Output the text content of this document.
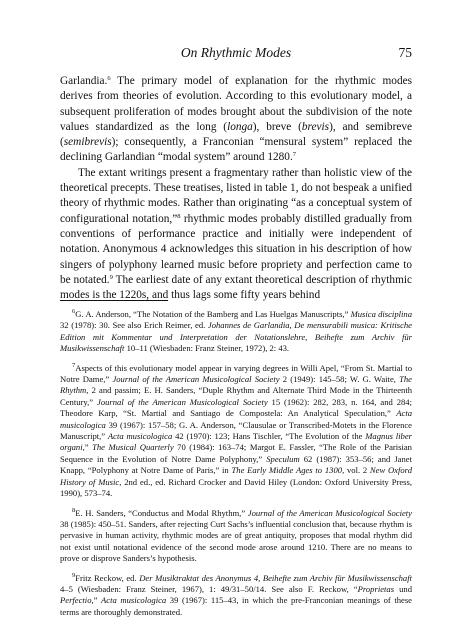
On Rhythmic Modes	75

Garlandia.$^6$ The primary model of explanation for the rhythmic modes derives from theories of evolution. According to this evolutionary model, a subsequent proliferation of modes brought about the subdivision of the note values standardized as the long (longa), breve (brevis), and semibreve (semibrevis); consequently, a Franconian “mensural system” replaced the declining Garlandian “modal system” around 1280.$^7$

The extant writings present a fragmentary rather than holistic view of the theoretical precepts. These treatises, listed in table 1, do not bespeak a unified theory of rhythmic modes. Rather than originating “as a conceptual system of configurational notation,”$^8$ rhythmic modes probably distilled gradually from conventions of performance practice and initially were independent of notation. Anonymous 4 acknowledges this situation in his description of how singers of polyphony learned music before propriety and perfection came to be notated.$^9$ The earliest date of any extant theoretical description of rhythmic modes is the 1220s, and thus lags some fifty years behind

$^6$G. A. Anderson, “The Notation of the Bamberg and Las Huelgas Manuscripts,” Musica disciplina 32 (1978): 30. See also Erich Reimer, ed. Johannes de Garlandia, De mensurabili musica: Kritische Edition mit Kommentar und Interpretation der Notationslehre, Beihefte zum Archiv für Musikwissenschaft 10–11 (Wiesbaden: Franz Steiner, 1972), 2: 43.

$^7$Aspects of this evolutionary model appear in varying degrees in Willi Apel, “From St. Martial to Notre Dame,” Journal of the American Musicological Society 2 (1949): 145–58; W. G. Waite, The Rhythm, 2 and passim; E. H. Sanders, “Duple Rhythm and Alternate Third Mode in the Thirteenth Century,” Journal of the American Musicological Society 15 (1962): 282, 283, n. 164, and 284; Theodore Karp, “St. Martial and Santiago de Compostela: An Analytical Speculation,” Acta musicologica 39 (1967): 157–58; G. A. Anderson, “Clausulae or Transcribed-Motets in the Florence Manuscript,” Acta musicologica 42 (1970): 123; Hans Tischler, “The Evolution of the Magnus liber organi,” The Musical Quarterly 70 (1984): 163–74; Margot E. Fassler, “The Role of the Parisian Sequence in the Evolution of Notre Dame Polyphony,” Speculum 62 (1987): 353–56; and Janet Knapp, “Polyphony at Notre Dame of Paris,” in The Early Middle Ages to 1300, vol. 2 New Oxford History of Music, 2nd ed., ed. Richard Crocker and David Hiley (London: Oxford University Press, 1990), 573–74.

$^8$E. H. Sanders, “Conductus and Modal Rhythm,” Journal of the American Musicological Society 38 (1985): 450–51. Sanders, after rejecting Curt Sachs’s influential conclusion that, because rhythm is pervasive in human activity, rhythmic modes are of great antiquity, proposes that modal rhythm did not exist until notational evidence of the second mode arose around 1210. There are no means to prove or disprove Sanders’s hypothesis.

$^9$Fritz Reckow, ed. Der Musiktraktat des Anonymus 4, Beihefte zum Archiv für Musikwissenschaft 4–5 (Wiesbaden: Franz Steiner, 1967), 1: 49/31–50/14. See also F. Reckow, “Proprietas und Perfectio,” Acta musicologica 39 (1967): 115–43, in which the pre-Franconian meanings of these terms are thoroughly demonstrated.
